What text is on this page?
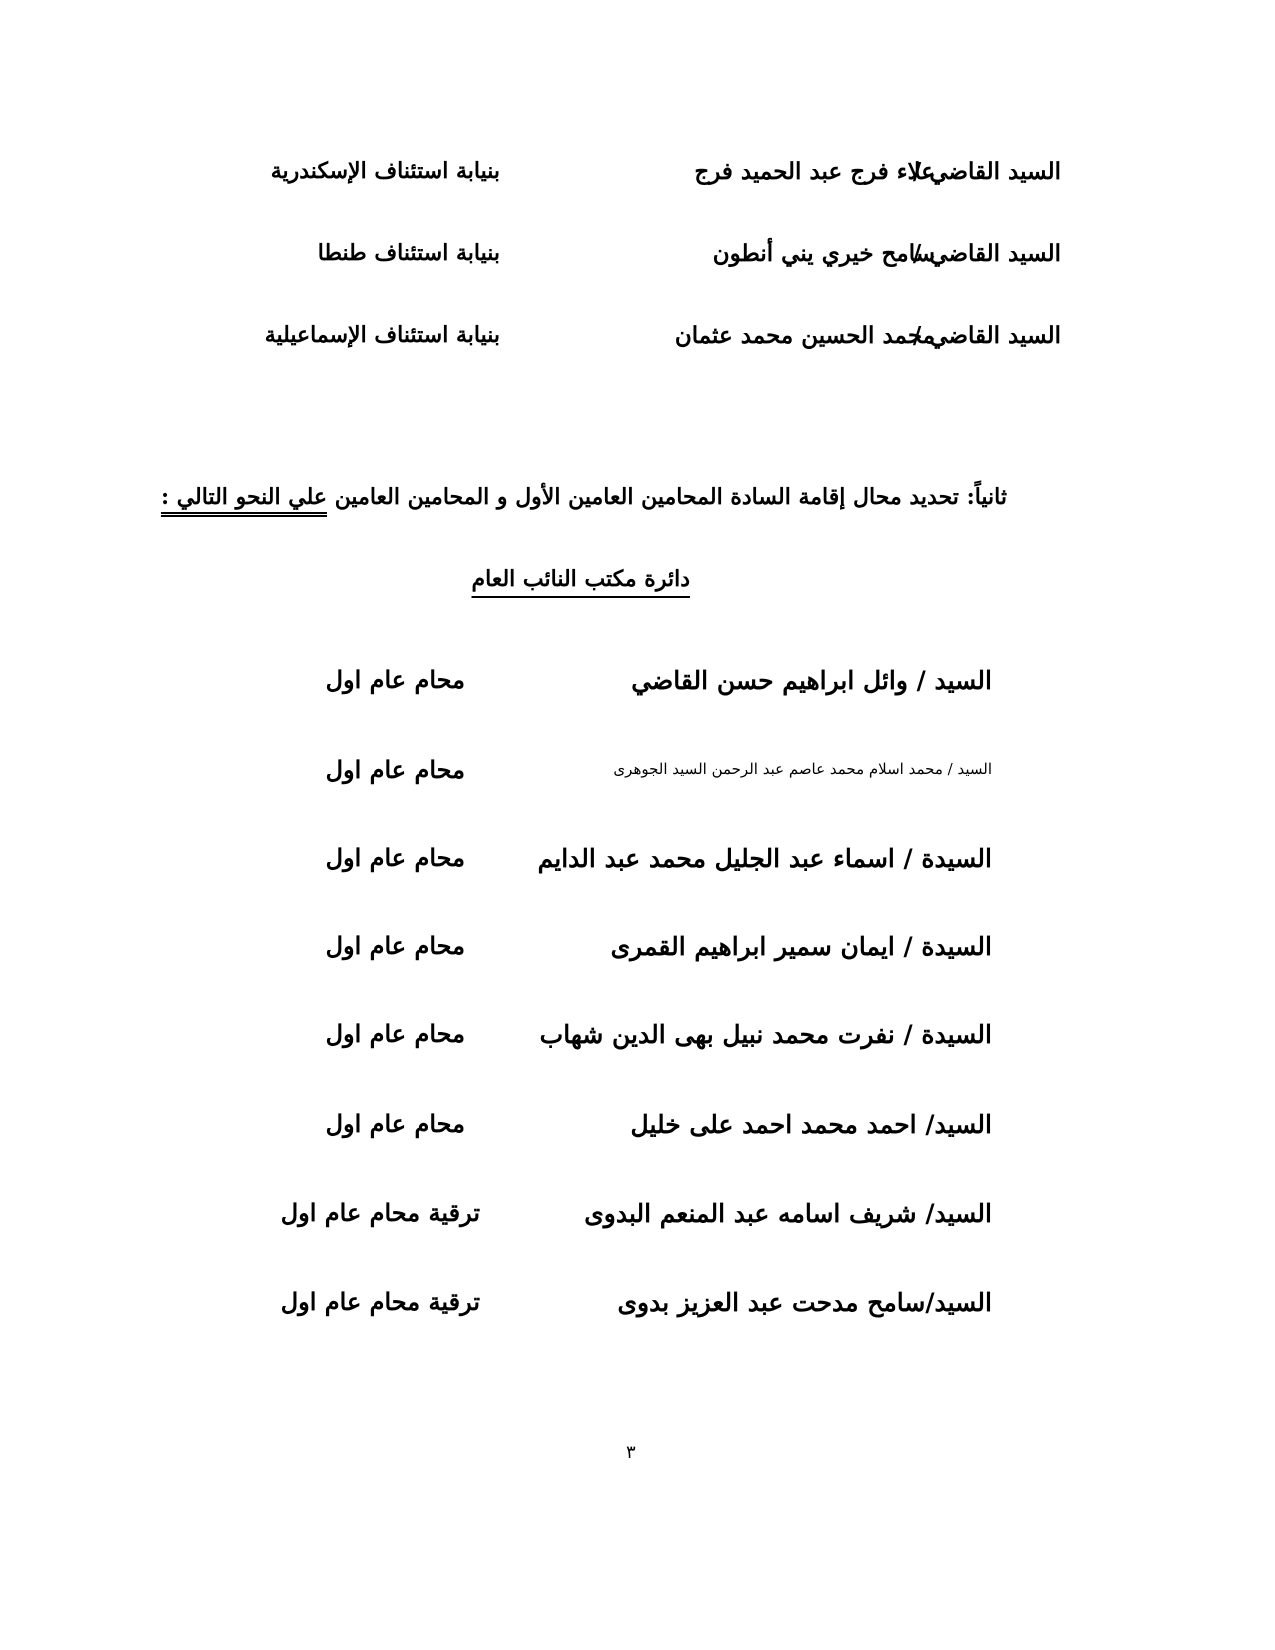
السيد القاضي /
علاء فرج عبد الحميد فرج
بنيابة استئناف الإسكندرية
السيد القاضي /
سامح خيري يني أنطون
بنيابة استئناف طنطا
السيد القاضي /
محمد الحسين محمد عثمان
بنيابة استئناف الإسماعيلية
ثانياً: تحديد محال إقامة السادة المحامين العامين الأول و المحامين العامين علي النحو التالي :
دائرة مكتب النائب العام
السيد / وائل ابراهيم حسن القاضي
محام عام اول
السيد / محمد اسلام محمد عاصم عبد الرحمن السيد الجوهرى
محام عام اول
السيدة / اسماء عبد الجليل محمد عبد الدايم
محام عام اول
السيدة / ايمان سمير ابراهيم القمرى
محام عام اول
السيدة / نفرت محمد نبيل بهى الدين شهاب
محام عام اول
السيد/ احمد محمد احمد على خليل
محام عام اول
السيد/ شريف اسامه عبد المنعم البدوى
ترقية محام عام اول
السيد/سامح مدحت عبد العزيز بدوى
ترقية محام عام اول
٣
